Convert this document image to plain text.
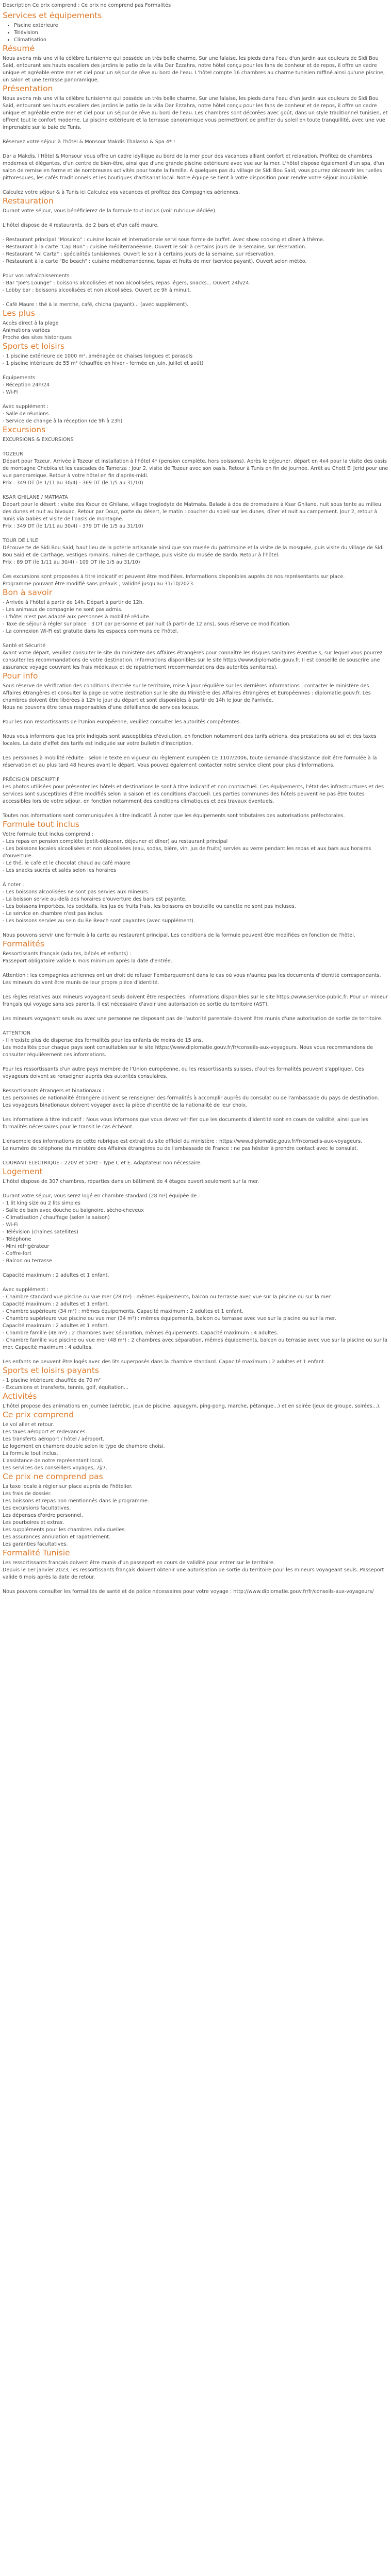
Description Ce prix comprend : Ce prix ne comprend pas Formalités
Services et équipements
• Piscine extérieure
• Télévision
• Climatisation
Résumé
Nous avons mis une villa célèbre tunisienne qui possède un très belle charme. Sur une falaise, les pieds dans l'eau d'un jardin aux couleurs de Sidi Bou Said, entourant ses hauts escaliers des jardins le patio de la villa Dar Ezzahra, notre hôtel conçu pour les fans de bonheur et de repos, il offre un cadre unique et agréable entre mer et ciel pour un séjour de rêve au bord de l'eau. L'hôtel compte 16 chambres au charme tunisien raffiné ainsi qu'une piscine, un salon et une terrasse panoramique.
Présentation
Nous avons mis une villa célèbre tunisienne qui possède un très belle charme. Sur une falaise, les pieds dans l'eau d'un jardin aux couleurs de Sidi Bou Said, entourant ses hauts escaliers des jardins le patio de la villa Dar Ezzahra, notre hôtel conçu pour les fans de bonheur et de repos, il offre un cadre unique et agréable entre mer et ciel pour un séjour de rêve au bord de l'eau. Les chambres sont décorées avec goût, dans un style traditionnel tunisien, et offrent tout le confort moderne. La piscine extérieure et la terrasse panoramique vous permettront de profiter du soleil en toute tranquillité, avec une vue imprenable sur la baie de Tunis.
Réservez votre séjour à l'hôtel & Monsour Makdis Thalasso & Spa 4* !
Dar a Makdis, l'Hôtel & Monsour vous offre un cadre idyllique au bord de la mer pour des vacances alliant confort et relaxation. Profitez de chambres modernes et élégantes, d'un centre de bien-être, ainsi que d'une grande piscine extérieure avec vue sur la mer. L'hôtel dispose également d'un spa, d'un salon de remise en forme et de nombreuses activités pour toute la famille. À quelques pas du village de Sidi Bou Said, vous pourrez découvrir les ruelles pittoresques, les cafés traditionnels et les boutiques d'artisanat local. Notre équipe se tient à votre disposition pour rendre votre séjour inoubliable.
Calculez votre séjour & à Tunis ici Calculez vos vacances et profitez des Compagnies aériennes.
Restauration
Durant votre séjour, vous bénéficierez de la formule tout inclus (voir rubrique dédiée).
L'hôtel dispose de 4 restaurants, de 2 bars et d'un café maure.
- Restaurant principal "Mosaïco" : cuisine locale et internationale servi sous forme de buffet. Avec show cooking et dîner à thème.
- Restaurant à la carte "Cap Bon" : cuisine méditerranéenne. Ouvert le soir à certains jours de la semaine, sur réservation.
- Restaurant "Al Carta" : spécialités tunisiennes. Ouvert le soir à certains jours de la semaine, sur réservation.
- Restaurant à la carte "Be beach" : cuisine méditerranéenne, tapas et fruits de mer (service payant). Ouvert selon météo.
Pour vos rafraîchissements :
- Bar "Joe's Lounge" : boissons alcoolisées et non alcoolisées, repas légers, snacks... Ouvert 24h/24.
- Lobby bar : boissons alcoolisées et non alcoolisées. Ouvert de 9h à minuit.
- Café Maure : thé à la menthe, café, chicha (payant)... (avec supplément).
Les plus
Accès direct à la plage
Animations variées
Proche des sites historiques
Sports et loisirs
- 1 piscine extérieure de 1000 m², aménagée de chaises longues et parasols
- 1 piscine intérieure de 55 m² (chauffée en hiver - fermée en juin, juillet et août)
Équipements
- Réception 24h/24
- Wi-Fi
Avec supplément :
- Salle de réunions
- Service de change à la réception (de 9h à 23h)
Excursions
EXCURSIONS & EXCURSIONS
TOZEUR
Départ pour Tozeur, Arrivée à Tozeur et installation à l'hôtel 4* (pension complète, hors boissons). Après le déjeuner, départ en 4x4 pour la visite des oasis de montagne Chebika et les cascades de Tamerza : Jour 2, visite de Tozeur avec son oasis. Retour à Tunis en fin de journée. Arrêt au Chott El Jerid pour une vue panoramique. Retour à votre hôtel en fin d'après-midi.
Prix : 349 DT (le 1/11 au 30/4) - 369 DT (le 1/5 au 31/10)
KSAR GHILANE / MATMATA
Départ pour le désert : visite des Ksour de Ghilane, village troglodyte de Matmata. Balade à dos de dromadaire à Ksar Ghilane, nuit sous tente au milieu des dunes et nuit au bivouac. Retour par Douz, porte du désert, le matin : coucher du soleil sur les dunes, dîner et nuit au campement. Jour 2, retour à Tunis via Gabès et visite de l'oasis de montagne.
Prix : 349 DT (le 1/11 au 30/4) - 379 DT (le 1/5 au 31/10)
TOUR DE L'ILE
Découverte de Sidi Bou Said, haut lieu de la poterie artisanale ainsi que son musée du patrimoine et la visite de la mosquée, puis visite du village de Sidi Bou Said et de Carthage, vestiges romains, ruines de Carthage, puis visite du musée de Bardo. Retour à l'hôtel.
Prix : 89 DT (le 1/11 au 30/4) - 109 DT (le 1/5 au 31/10)
Ces excursions sont proposées à titre indicatif et peuvent être modifiées. Informations disponibles auprès de nos représentants sur place.
Programme pouvant être modifié sans préavis ; validité jusqu'au 31/10/2023.
Bon à savoir
- Arrivée à l'hôtel à partir de 14h. Départ à partir de 12h.
- Les animaux de compagnie ne sont pas admis.
- L'hôtel n'est pas adapté aux personnes à mobilité réduite.
- Taxe de séjour à régler sur place : 3 DT par personne et par nuit (à partir de 12 ans), sous réserve de modification.
- La connexion Wi-Fi est gratuite dans les espaces communs de l'hôtel.
Santé et Sécurité
Avant votre départ, veuillez consulter le site du ministère des Affaires étrangères pour connaître les risques sanitaires éventuels, sur lequel vous pourrez consulter les recommandations de votre destination. Informations disponibles sur le site https://www.diplomatie.gouv.fr. Il est conseillé de souscrire une assurance voyage couvrant les frais médicaux et de rapatriement (recommandations des autorités sanitaires).
Pour info
Sous réserve de vérification des conditions d'entrée sur le territoire, mise à jour régulière sur les dernières informations : contacter le ministère des Affaires étrangères et consulter la page de votre destination sur le site du Ministère des Affaires étrangères et Européennes : diplomatie.gouv.fr. Les chambres doivent être libérées à 12h le jour du départ et sont disponibles à partir de 14h le jour de l'arrivée.
Nous ne pouvons être tenus responsables d'une défaillance de services locaux.
Pour les non ressortissants de l'Union européenne, veuillez consulter les autorités compétentes.
Nous vous informons que les prix indiqués sont susceptibles d'évolution, en fonction notamment des tarifs aériens, des prestations au sol et des taxes locales. La date d'effet des tarifs est indiquée sur votre bulletin d'inscription.
Les personnes à mobilité réduite : selon le texte en vigueur du règlement européen CE 1107/2006, toute demande d'assistance doit être formulée à la réservation et au plus tard 48 heures avant le départ. Vous pouvez également contacter notre service client pour plus d'informations.
PRÉCISION DESCRIPTIF
Les photos utilisées pour présenter les hôtels et destinations le sont à titre indicatif et non contractuel. Ces équipements, l'état des infrastructures et des services sont susceptibles d'être modifiés selon la saison et les conditions d'accueil. Les parties communes des hôtels peuvent ne pas être toutes accessibles lors de votre séjour, en fonction notamment des conditions climatiques et des travaux éventuels.
Toutes nos informations sont communiquées à titre indicatif. À noter que les équipements sont tributaires des autorisations préfectorales.
Formule tout inclus
Votre formule tout inclus comprend :
- Les repas en pension complète (petit-déjeuner, déjeuner et dîner) au restaurant principal
- Les boissons locales alcoolisées et non alcoolisées (eau, sodas, bière, vin, jus de fruits) servies au verre pendant les repas et aux bars aux horaires d'ouverture.
- Le thé, le café et le chocolat chaud au café maure
- Les snacks sucrés et salés selon les horaires
À noter :
- Les boissons alcoolisées ne sont pas servies aux mineurs.
- La boisson servie au-delà des horaires d'ouverture des bars est payante.
- Les boissons importées, les cocktails, les jus de fruits frais, les boissons en bouteille ou canette ne sont pas incluses.
- Le service en chambre n'est pas inclus.
- Les boissons servies au sein du Be Beach sont payantes (avec supplément).
Nous pouvons servir une formule à la carte au restaurant principal. Les conditions de la formule peuvent être modifiées en fonction de l'hôtel.
Formalités
Ressortissants français (adultes, bébés et enfants) :
Passeport obligatoire valide 6 mois minimum après la date d'entrée.
Attention : les compagnies aériennes ont un droit de refuser l'embarquement dans le cas où vous n'auriez pas les documents d'identité correspondants. Les mineurs doivent être munis de leur propre pièce d'identité.
Les règles relatives aux mineurs voyageant seuls doivent être respectées. Informations disponibles sur le site https://www.service-public.fr. Pour un mineur français qui voyage sans ses parents, il est nécessaire d'avoir une autorisation de sortie du territoire (AST).
Les mineurs voyageant seuls ou avec une personne ne disposant pas de l'autorité parentale doivent être munis d'une autorisation de sortie de territoire.
ATTENTION
- Il n'existe plus de dispense des formalités pour les enfants de moins de 15 ans.
Les modalités pour chaque pays sont consultables sur le site https://www.diplomatie.gouv.fr/fr/conseils-aux-voyageurs. Nous vous recommandons de consulter régulièrement ces informations.
Pour les ressortissants d'un autre pays membre de l'Union européenne, ou les ressortissants suisses, d'autres formalités peuvent s'appliquer. Ces voyageurs doivent se renseigner auprès des autorités consulaires.
Ressortissants étrangers et binationaux :
Les personnes de nationalité étrangère doivent se renseigner des formalités à accomplir auprès du consulat ou de l'ambassade du pays de destination. Les voyageurs binationaux doivent voyager avec la pièce d'identité de la nationalité de leur choix.
Les informations à titre indicatif : Nous vous informons que vous devez vérifier que les documents d'identité sont en cours de validité, ainsi que les formalités nécessaires pour le transit le cas échéant.
L'ensemble des informations de cette rubrique est extrait du site officiel du ministère : https://www.diplomatie.gouv.fr/fr/conseils-aux-voyageurs.
Le numéro de téléphone du ministère des Affaires étrangères ou de l'ambassade de France : ne pas hésiter à prendre contact avec le consulat.
COURANT ÉLECTRIQUE : 220V et 50Hz - Type C et E. Adaptateur non nécessaire.
Logement
L'hôtel dispose de 307 chambres, réparties dans un bâtiment de 4 étages ouvert seulement sur la mer.
Durant votre séjour, vous serez logé en chambre standard (28 m²) équipée de :
- 1 lit king size ou 2 lits simples
- Salle de bain avec douche ou baignoire, sèche-cheveux
- Climatisation / chauffage (selon la saison)
- Wi-Fi
- Télévision (chaînes satellites)
- Téléphone
- Mini réfrigérateur
- Coffre-fort
- Balcon ou terrasse
Capacité maximum : 2 adultes et 1 enfant.
Avec supplément :
- Chambre standard vue piscine ou vue mer (28 m²) : mêmes équipements, balcon ou terrasse avec vue sur la piscine ou sur la mer.
Capacité maximum : 2 adultes et 1 enfant.
- Chambre supérieure (34 m²) : mêmes équipements. Capacité maximum : 2 adultes et 1 enfant.
- Chambre supérieure vue piscine ou vue mer (34 m²) : mêmes équipements, balcon ou terrasse avec vue sur la piscine ou sur la mer.
Capacité maximum : 2 adultes et 1 enfant.
- Chambre famille (48 m²) : 2 chambres avec séparation, mêmes équipements. Capacité maximum : 4 adultes.
- Chambre famille vue piscine ou vue mer (48 m²) : 2 chambres avec séparation, mêmes équipements, balcon ou terrasse avec vue sur la piscine ou sur la mer. Capacité maximum : 4 adultes.
Les enfants ne peuvent être logés avec des lits superposés dans la chambre standard. Capacité maximum : 2 adultes et 1 enfant.
Sports et loisirs payants
- 1 piscine intérieure chauffée de 70 m²
- Excursions et transferts, tennis, golf, équitation...
Activités
L'hôtel propose des animations en journée (aérobic, jeux de piscine, aquagym, ping-pong, marche, pétanque...) et en soirée (jeux de groupe, soirées...).
Ce prix comprend
Le vol aller et retour.
Les taxes aéroport et redevances.
Les transferts aéroport / hôtel / aéroport.
Le logement en chambre double selon le type de chambre choisi.
La formule tout inclus.
L'assistance de notre représentant local.
Les services des conseillers voyages, 7j/7.
Ce prix ne comprend pas
La taxe locale à régler sur place auprès de l'hôtelier.
Les frais de dossier.
Les boissons et repas non mentionnés dans le programme.
Les excursions facultatives.
Les dépenses d'ordre personnel.
Les pourboires et extras.
Les suppléments pour les chambres individuelles.
Les assurances annulation et rapatriement.
Les garanties facultatives.
Formalité Tunisie
Les ressortissants français doivent être munis d'un passeport en cours de validité pour entrer sur le territoire.
Depuis le 1er janvier 2023, les ressortissants français doivent obtenir une autorisation de sortie du territoire pour les mineurs voyageant seuls. Passeport valide 6 mois après la date de retour.
Nous pouvons consulter les formalités de santé et de police nécessaires pour votre voyage : http://www.diplomatie.gouv.fr/fr/conseils-aux-voyageurs/
